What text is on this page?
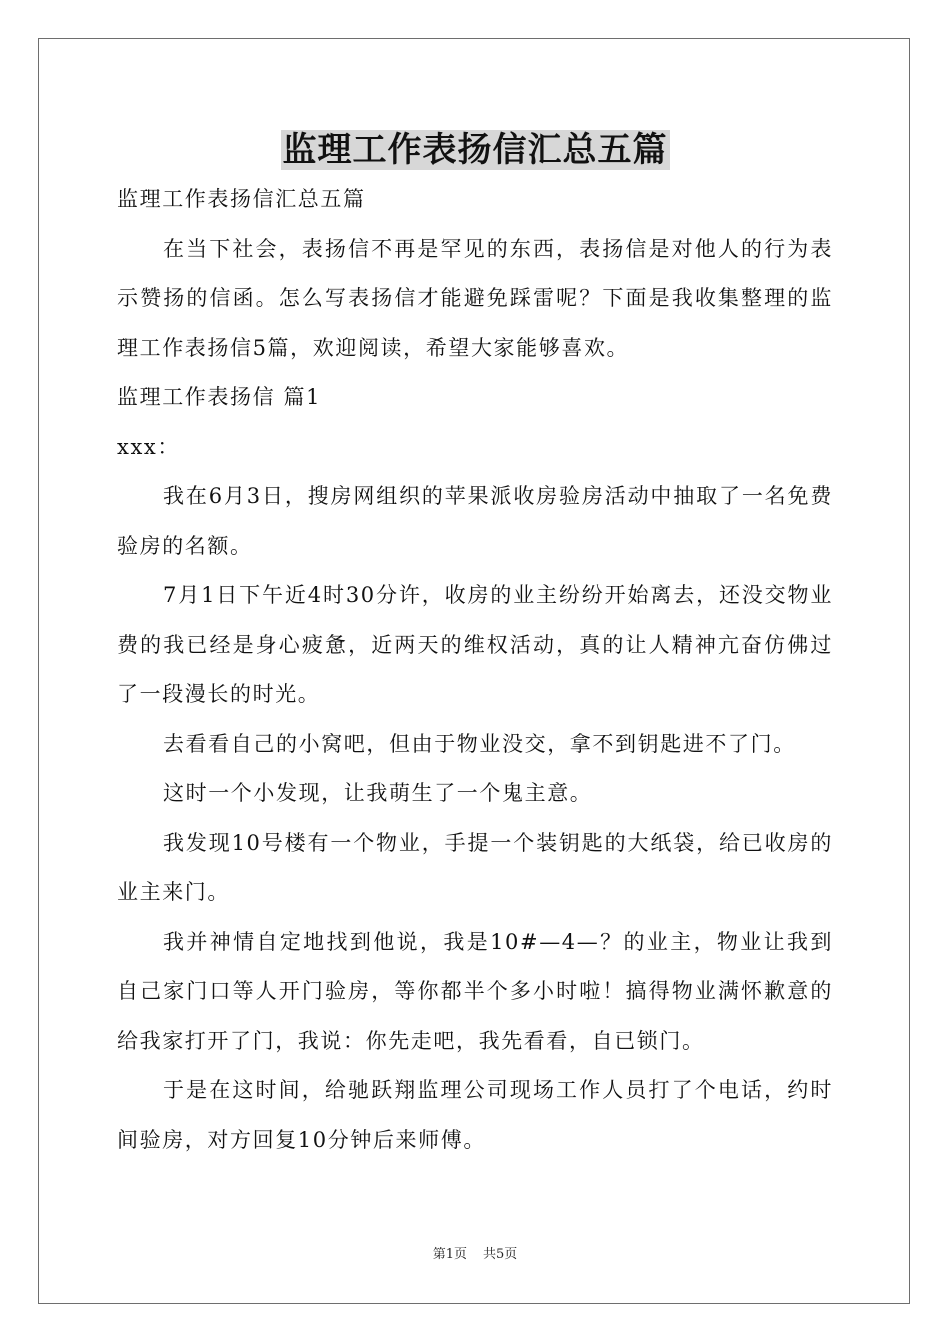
监理工作表扬信汇总五篇

监理工作表扬信汇总五篇

在当下社会，表扬信不再是罕见的东西，表扬信是对他人的行为表示赞扬的信函。怎么写表扬信才能避免踩雷呢？下面是我收集整理的监理工作表扬信5篇，欢迎阅读，希望大家能够喜欢。

监理工作表扬信 篇1

xxx：

我在6月3日，搜房网组织的苹果派收房验房活动中抽取了一名免费验房的名额。

7月1日下午近4时30分许，收房的业主纷纷开始离去，还没交物业费的我已经是身心疲惫，近两天的维权活动，真的让人精神亢奋仿佛过了一段漫长的时光。

去看看自己的小窝吧，但由于物业没交，拿不到钥匙进不了门。

这时一个小发现，让我萌生了一个鬼主意。

我发现10号楼有一个物业，手提一个装钥匙的大纸袋，给已收房的业主来门。

我并神情自定地找到他说，我是10#—4—？的业主，物业让我到自己家门口等人开门验房，等你都半个多小时啦！搞得物业满怀歉意的给我家打开了门，我说：你先走吧，我先看看，自已锁门。

于是在这时间，给驰跃翔监理公司现场工作人员打了个电话，约时间验房，对方回复10分钟后来师傅。

第1页 共5页
